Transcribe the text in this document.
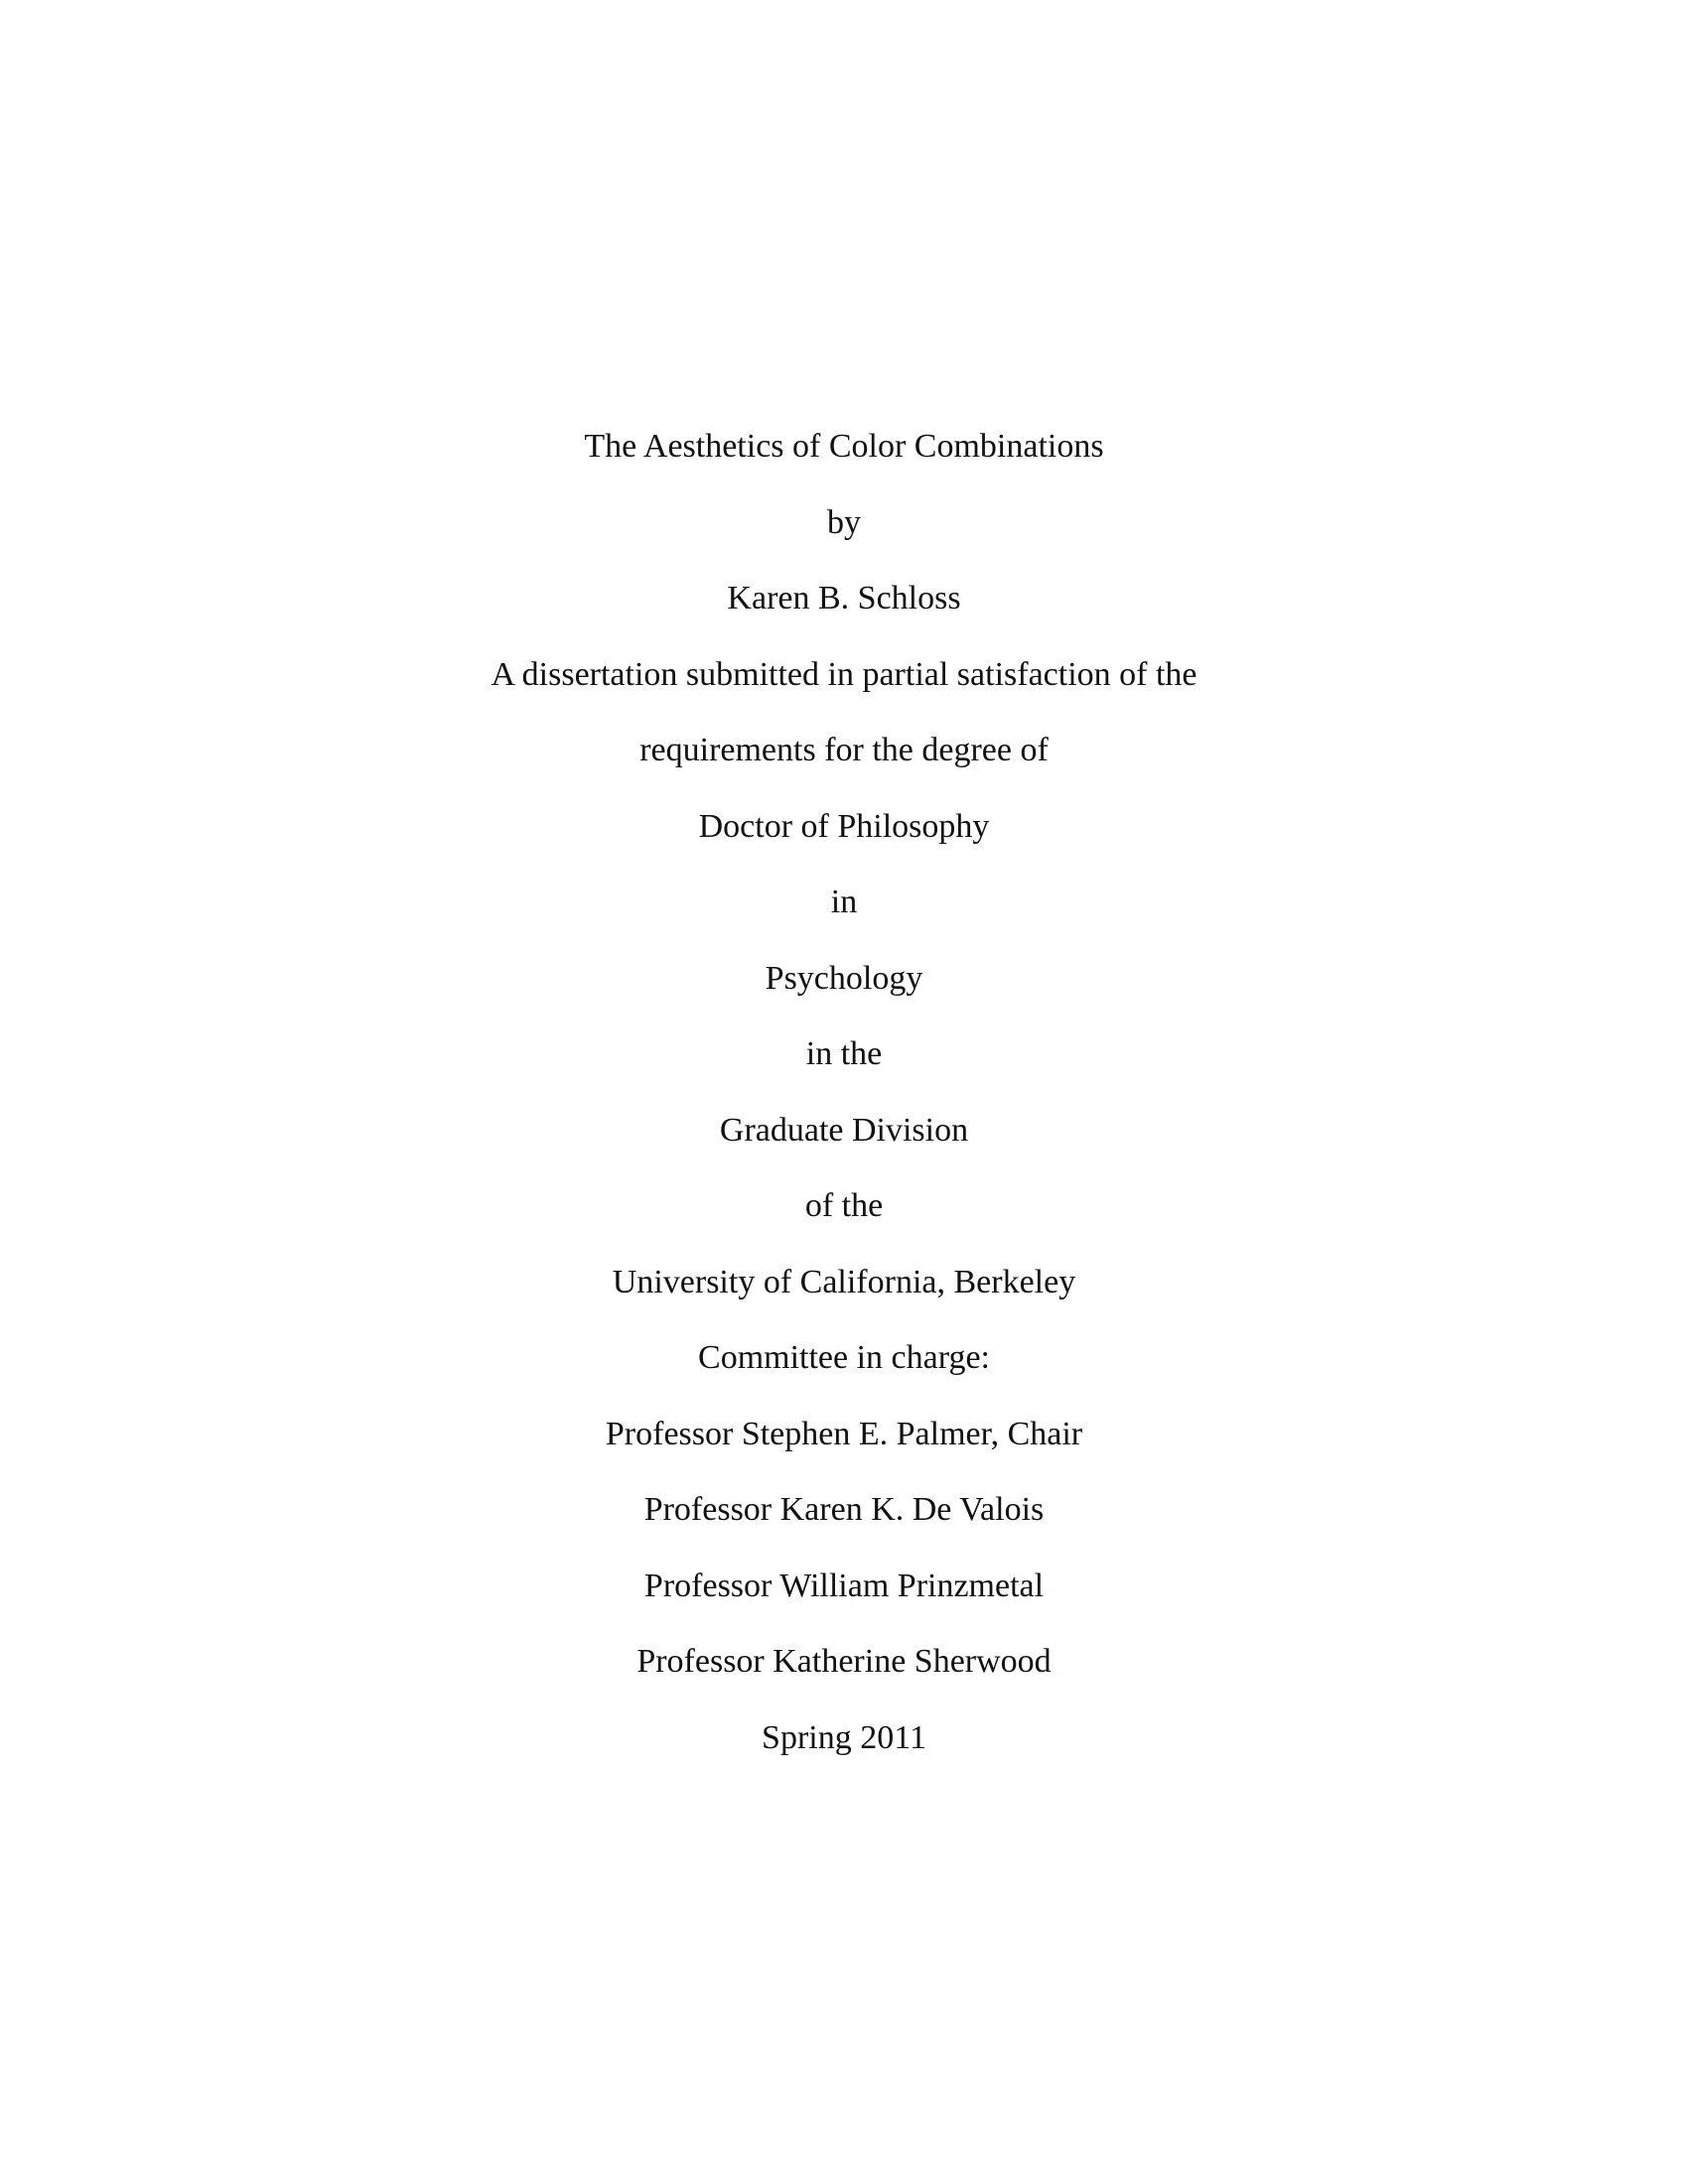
The Aesthetics of Color Combinations
by
Karen B. Schloss
A dissertation submitted in partial satisfaction of the
requirements for the degree of
Doctor of Philosophy
in
Psychology
in the
Graduate Division
of the
University of California, Berkeley
Committee in charge:
Professor Stephen E. Palmer, Chair
Professor Karen K. De Valois
Professor William Prinzmetal
Professor Katherine Sherwood
Spring 2011
